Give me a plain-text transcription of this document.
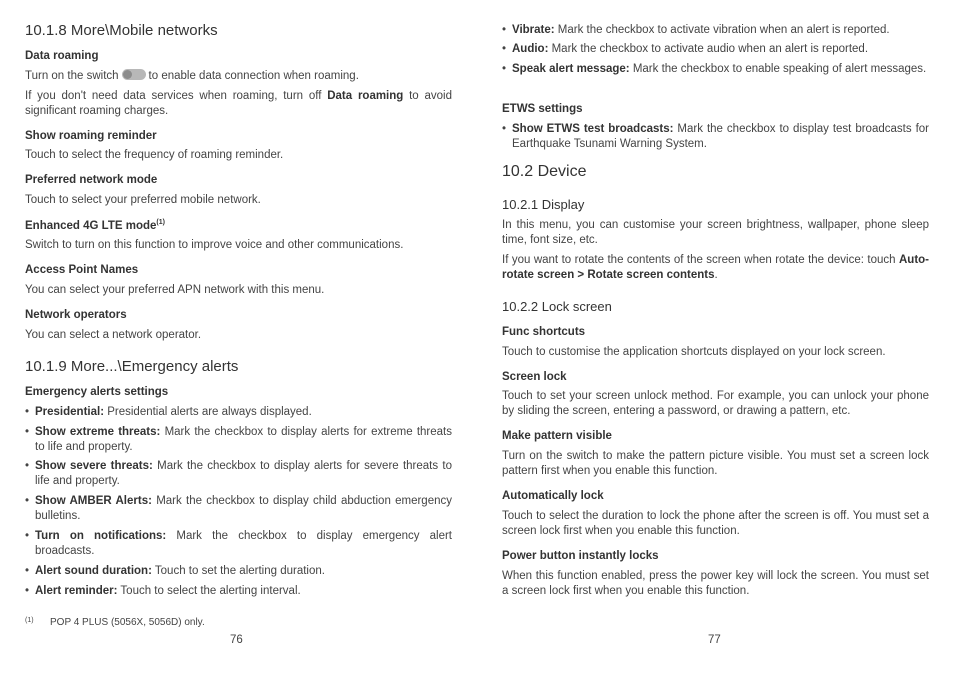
10.1.8 More\Mobile networks
Data roaming
Turn on the switch	to enable data connection when roaming.
If you don't need data services when roaming, turn off Data roaming to avoid significant roaming charges.
Show roaming reminder
Touch to select the frequency of roaming reminder.
Preferred network mode
Touch to select your preferred mobile network.
Enhanced 4G LTE mode$^{(1)}$
Switch to turn on this function to improve voice and other communications.
Access Point Names
You can select your preferred APN network with this menu.
Network operators
You can select a network operator.
10.1.9 More...\Emergency alerts
Emergency alerts settings
• Presidential: Presidential alerts are always displayed.
• Show extreme threats: Mark the checkbox to display alerts for extreme threats to life and property.
• Show severe threats: Mark the checkbox to display alerts for severe threats to life and property.
• Show AMBER Alerts: Mark the checkbox to display child abduction emergency bulletins.
• Turn on notifications: Mark the checkbox to display emergency alert broadcasts.
• Alert sound duration: Touch to set the alerting duration.
• Alert reminder: Touch to select the alerting interval.
(1) POP 4 PLUS (5056X, 5056D) only.
76
• Vibrate: Mark the checkbox to activate vibration when an alert is reported.
• Audio: Mark the checkbox to activate audio when an alert is reported.
• Speak alert message: Mark the checkbox to enable speaking of alert messages.
ETWS settings
• Show ETWS test broadcasts: Mark the checkbox to display test broadcasts for Earthquake Tsunami Warning System.
10.2 Device
10.2.1 Display
In this menu, you can customise your screen brightness, wallpaper, phone sleep time, font size, etc.
If you want to rotate the contents of the screen when rotate the device: touch Auto-rotate screen > Rotate screen contents.
10.2.2 Lock screen
Func shortcuts
Touch to customise the application shortcuts displayed on your lock screen.
Screen lock
Touch to set your screen unlock method. For example, you can unlock your phone by sliding the screen, entering a password, or drawing a pattern, etc.
Make pattern visible
Turn on the switch to make the pattern picture visible. You must set a screen lock pattern first when you enable this function.
Automatically lock
Touch to select the duration to lock the phone after the screen is off. You must set a screen lock first when you enable this function.
Power button instantly locks
When this function enabled, press the power key will lock the screen. You must set a screen lock first when you enable this function.
77
